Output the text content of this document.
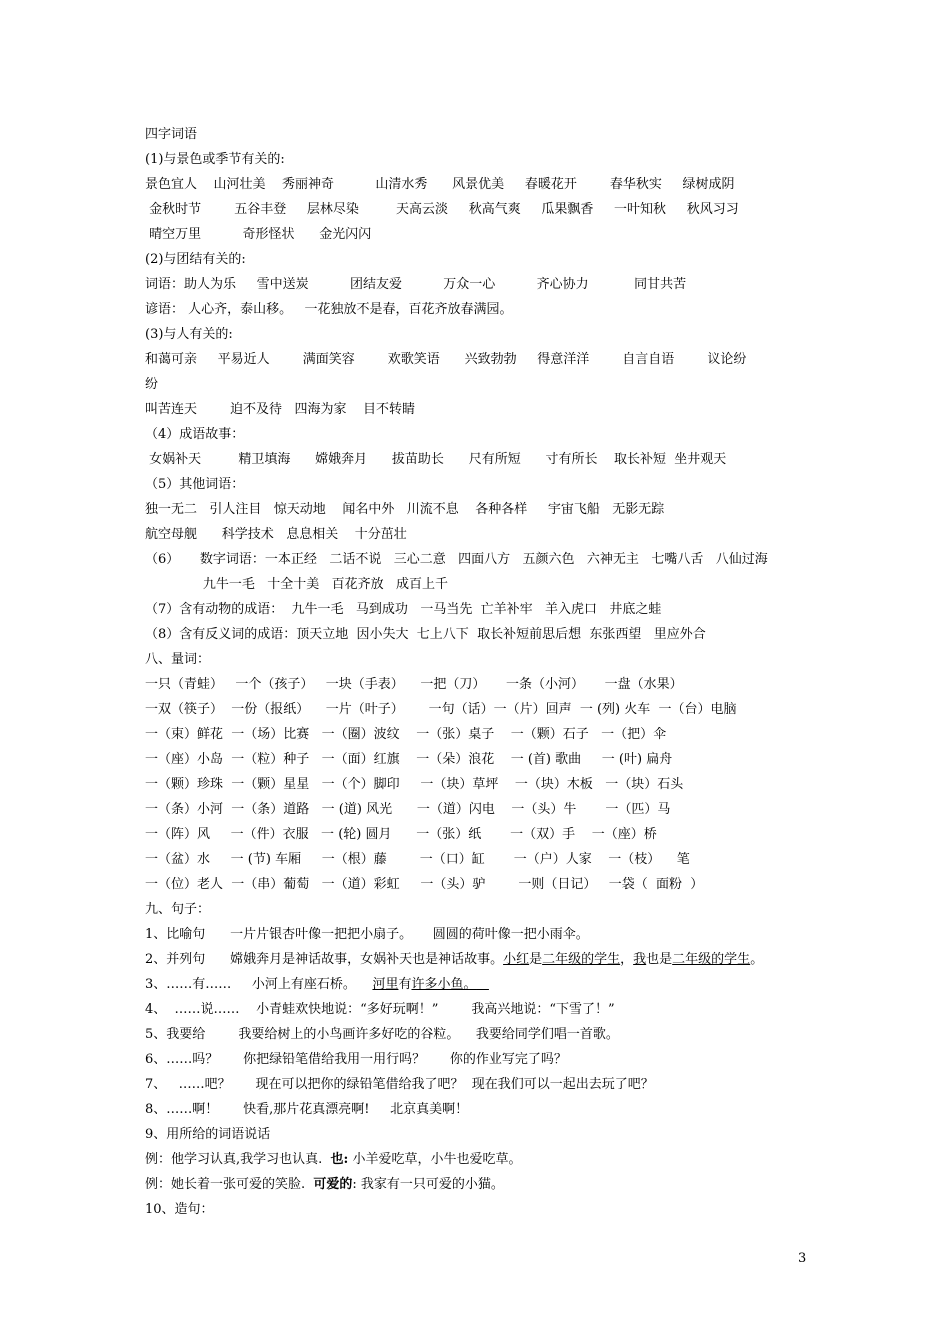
四字词语
(1)与景色或季节有关的:
景色宜人    山河壮美    秀丽神奇          山清水秀      风景优美     春暖花开        春华秋实     绿树成阴
金秋时节        五谷丰登     层林尽染         天高云淡     秋高气爽     瓜果飘香     一叶知秋     秋风习习
晴空万里          奇形怪状      金光闪闪
(2)与团结有关的:
词语：助人为乐     雪中送炭          团结友爱          万众一心          齐心协力           同甘共苦
谚语： 人心齐，泰山移。   一花独放不是春，百花齐放春满园。
(3)与人有关的:
和蔼可亲     平易近人        满面笑容        欢歌笑语      兴致勃勃     得意洋洋        自言自语        议论纷
纷
叫苦连天        迫不及待   四海为家    目不转睛
（4）成语故事：
女娲补天         精卫填海      嫦娥奔月      拔苗助长      尺有所短      寸有所长    取长补短  坐井观天
（5）其他词语：
独一无二   引人注目   惊天动地    闻名中外   川流不息    各种各样     宇宙飞船   无影无踪
航空母舰      科学技术   息息相关    十分茁壮
（6）     数字词语：一本正经   二话不说   三心二意   四面八方   五颜六色   六神无主   七嘴八舌   八仙过海
九牛一毛   十全十美   百花齐放   成百上千
（7）含有动物的成语：  九牛一毛   马到成功   一马当先  亡羊补牢   羊入虎口   井底之蛙
（8）含有反义词的成语：顶天立地  因小失大  七上八下  取长补短前思后想  东张西望   里应外合
八、量词：
一只（青蛙）   一个（孩子）   一块（手表）    一把（刀）     一条（小河）     一盘（水果）
一双（筷子）  一份（报纸）    一片（叶子）      一句（话）一（片）回声  一 (列) 火车  一（台）电脑
一（束）鲜花  一（场）比赛   一（圈）波纹    一（张）桌子    一（颗）石子   一（把）伞
一（座）小岛  一（粒）种子   一（面）红旗    一（朵）浪花    一 (首) 歌曲     一 (叶) 扁舟
一（颗）珍珠  一（颗）星星   一（个）脚印     一（块）草坪    一（块）木板   一（块）石头
一（条）小河  一（条）道路   一 (道) 风光      一（道）闪电    一（头）牛       一（匹）马
一（阵）风     一（件）衣服   一 (轮) 圆月      一（张）纸       一（双）手    一（座）桥
一（盆）水     一 (节) 车厢     一（根）藤        一（口）缸       一（户）人家    一（枝）    笔
一（位）老人  一（串）葡萄   一（道）彩虹     一（头）驴        一则（日记）   一袋（  面粉  ）
九、句子：
1、比喻句      一片片银杏叶像一把把小扇子。     圆圆的荷叶像一把小雨伞。
2、并列句      嫦娥奔月是神话故事，女娲补天也是神话故事。小红是二年级的学生，我也是二年级的学生。
3、……有……     小河上有座石桥。    河里有许多小鱼。
4、  ……说……    小青蛙欢快地说：“多好玩啊！”        我高兴地说：“下雪了！”
5、我要给        我要给树上的小鸟画许多好吃的谷粒。    我要给同学们唱一首歌。
6、……吗？      你把绿铅笔借给我用一用行吗？      你的作业写完了吗？
7、   ……吧？      现在可以把你的绿铅笔借给我了吧？  现在我们可以一起出去玩了吧？
8、……啊！      快看,那片花真漂亮啊!     北京真美啊！
9、用所给的词语说话
例：他学习认真,我学习也认真.  也: 小羊爱吃草，小牛也爱吃草。
例：她长着一张可爱的笑脸.  可爱的: 我家有一只可爱的小猫。
10、造句：
3
